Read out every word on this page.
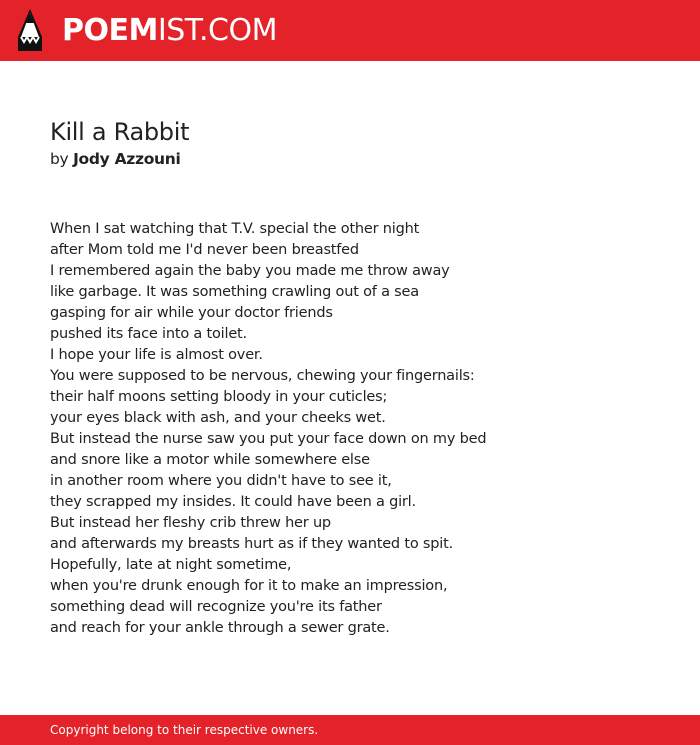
POEMIST.COM
Kill a Rabbit
by Jody Azzouni
When I sat watching that T.V. special the other night
after Mom told me I'd never been breastfed
I remembered again the baby you made me throw away
like garbage. It was something crawling out of a sea
gasping for air while your doctor friends
pushed its face into a toilet.
I hope your life is almost over.
You were supposed to be nervous, chewing your fingernails:
their half moons setting bloody in your cuticles;
your eyes black with ash, and your cheeks wet.
But instead the nurse saw you put your face down on my bed
and snore like a motor while somewhere else
in another room where you didn't have to see it,
they scrapped my insides. It could have been a girl.
But instead her fleshy crib threw her up
and afterwards my breasts hurt as if they wanted to spit.
Hopefully, late at night sometime,
when you're drunk enough for it to make an impression,
something dead will recognize you're its father
and reach for your ankle through a sewer grate.
Copyright belong to their respective owners.
